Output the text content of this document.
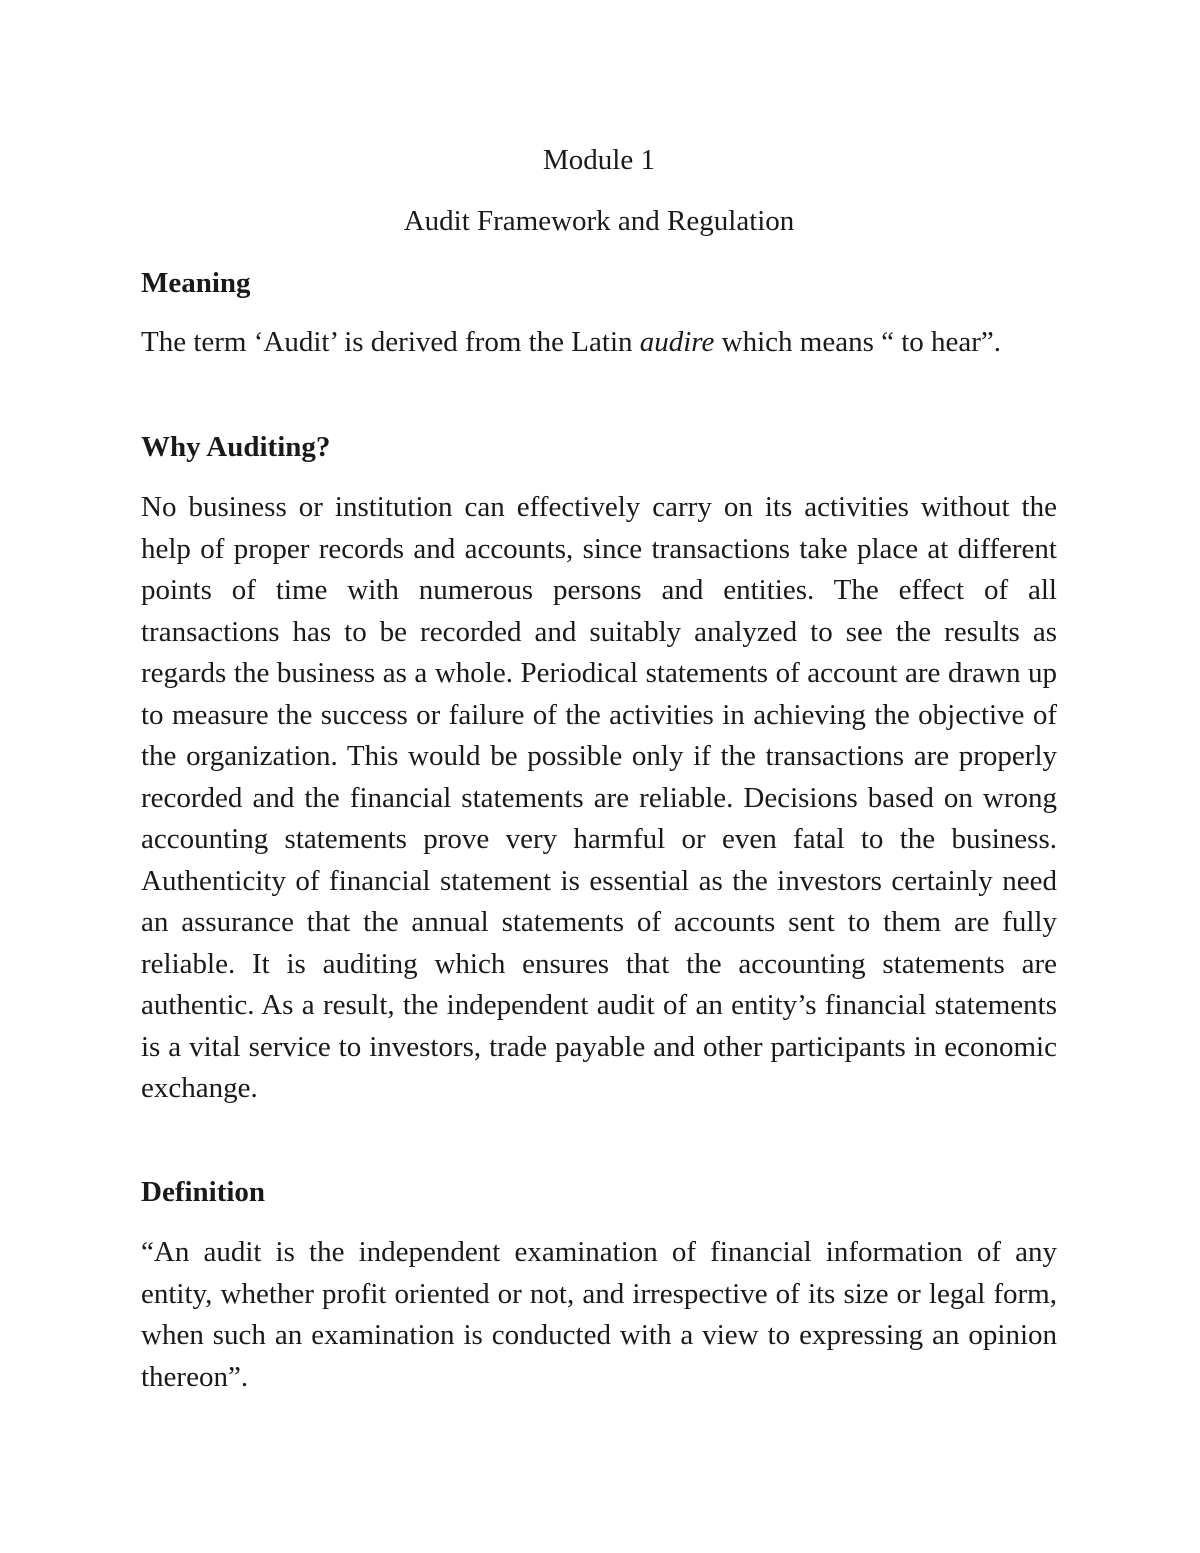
Module 1
Audit Framework and Regulation
Meaning

The term ‘Audit’ is derived from the Latin audire which means “ to hear”.

Why Auditing?

No business or institution can effectively carry on its activities without the help of proper records and accounts, since transactions take place at different points of time with numerous persons and entities. The effect of all transactions has to be recorded and suitably analyzed to see the results as regards the business as a whole. Periodical statements of account are drawn up to measure the success or failure of the activities in achieving the objective of the organization. This would be possible only if the transactions are properly recorded and the financial statements are reliable. Decisions based on wrong accounting statements prove very harmful or even fatal to the business. Authenticity of financial statement is essential as the investors certainly need an assurance that the annual statements of accounts sent to them are fully reliable. It is auditing which ensures that the accounting statements are authentic. As a result, the independent audit of an entity’s financial statements is a vital service to investors, trade payable and other participants in economic exchange.

Definition

“An audit is the independent examination of financial information of any entity, whether profit oriented or not, and irrespective of its size or legal form, when such an examination is conducted with a view to expressing an opinion thereon”.
